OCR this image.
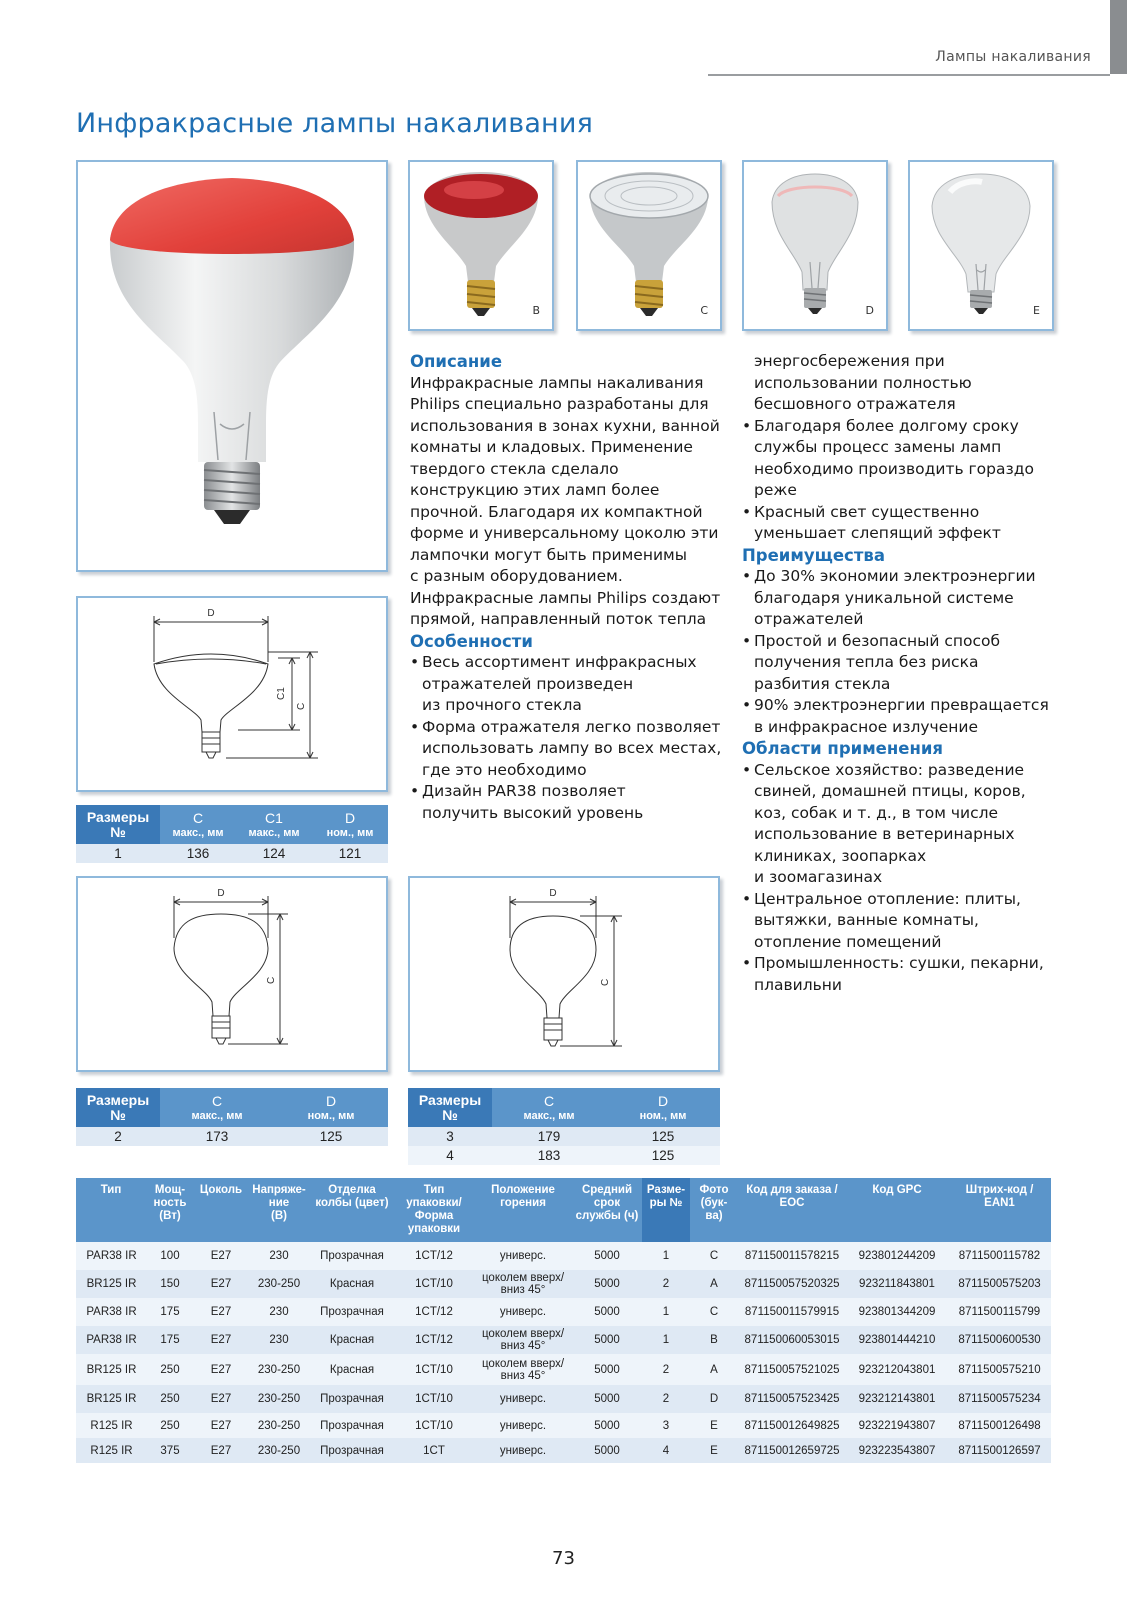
Лампы накаливания
Инфракрасные лампы накаливания
B	C	D	E
D
C1
C
Размеры
№	C
макс., мм	C1
макс., мм	D
ном., мм

1	136	124	121
D
C
D
C
Размеры
№	C
макс., мм	D
ном., мм

2	173	125
Размеры
№	C
макс., мм	D
ном., мм

3	179	125
4	183	125
Описание
Инфракрасные лампы накаливания
Philips специально разработаны для
использования в зонах кухни, ванной
комнаты и кладовых. Применение
твердого стекла сделало
конструкцию этих ламп более
прочной. Благодаря их компактной
форме и универсальному цоколю эти
лампочки могут быть применимы
с разным оборудованием.
Инфракрасные лампы Philips создают
прямой, направленный поток тепла
Особенности
• Весь ассортимент инфракрасных
отражателей произведен
из прочного стекла
• Форма отражателя легко позволяет
использовать лампу во всех местах,
где это необходимо
• Дизайн PAR38 позволяет
получить высокий уровень
энергосбережения при
использовании полностью
бесшовного отражателя
• Благодаря более долгому сроку
службы процесс замены ламп
необходимо производить гораздо
реже
• Красный свет существенно
уменьшает слепящий эффект
Преимущества
• До 30% экономии электроэнергии
благодаря уникальной системе
отражателей
• Простой и безопасный способ
получения тепла без риска
разбития стекла
• 90% электроэнергии превращается
в инфракрасное излучение
Области применения
• Сельское хозяйство: разведение
свиней, домашней птицы, коров,
коз, собак и т. д., в том числе
использование в ветеринарных
клиниках, зоопарках
и зоомагазинах
• Центральное отопление: плиты,
вытяжки, ванные комнаты,
отопление помещений
• Промышленность: сушки, пекарни,
плавильни
Тип	Мощ-
ность
(Вт)	Цоколь	Напряже-
ние
(В)	Отделка
колбы (цвет)	Тип
упаковки/
Форма
упаковки	Положение
горения	Средний
срок
службы (ч)	Разме-
ры №	Фото
(бук-
ва)	Код для заказа /
EOC	Код GPC	Штрих-код /
EAN1
PAR38 IR	100	E27	230	Прозрачная	1CT/12	универс.	5000	1	C	871150011578215	923801244209	8711500115782
BR125 IR	150	E27	230-250	Красная	1CT/10	цоколем вверх/
вниз 45°	5000	2	A	871150057520325	923211843801	8711500575203
PAR38 IR	175	E27	230	Прозрачная	1CT/12	универс.	5000	1	C	871150011579915	923801344209	8711500115799
PAR38 IR	175	E27	230	Красная	1CT/12	цоколем вверх/
вниз 45°	5000	1	B	871150060053015	923801444210	8711500600530
BR125 IR	250	E27	230-250	Красная	1CT/10	цоколем вверх/
вниз 45°	5000	2	A	871150057521025	923212043801	8711500575210
BR125 IR	250	E27	230-250	Прозрачная	1CT/10	универс.	5000	2	D	871150057523425	923212143801	8711500575234
R125 IR	250	E27	230-250	Прозрачная	1CT/10	универс.	5000	3	E	871150012649825	923221943807	8711500126498
R125 IR	375	E27	230-250	Прозрачная	1CT	универс.	5000	4	E	871150012659725	923223543807	8711500126597
73
